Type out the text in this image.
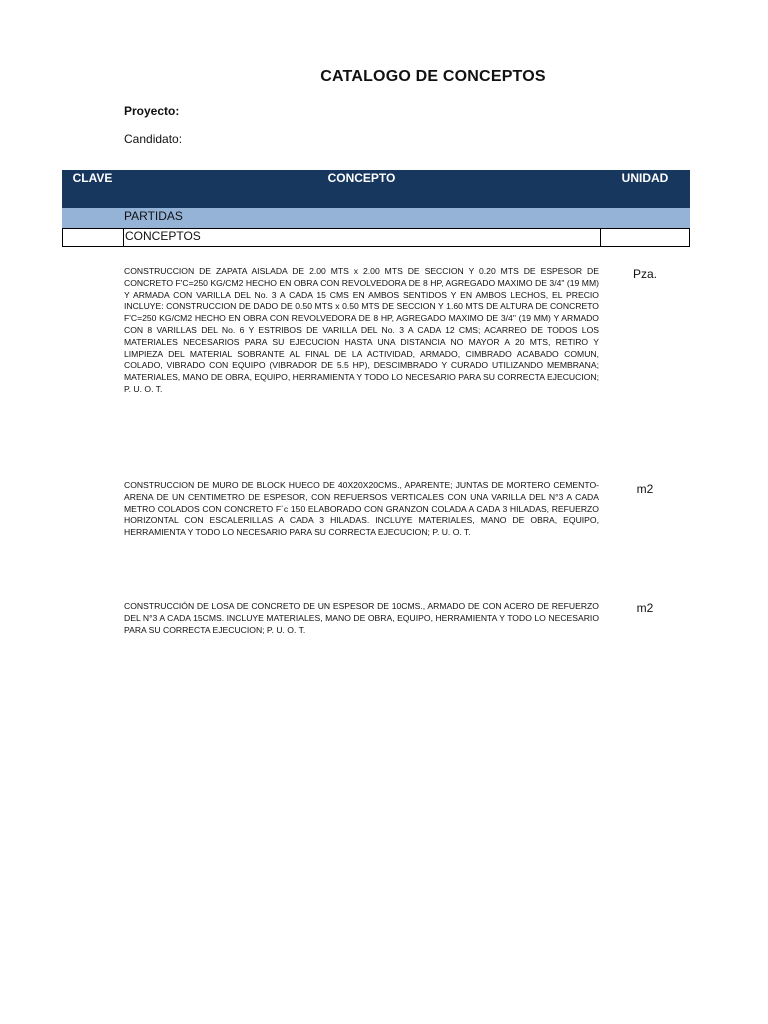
CATALOGO DE CONCEPTOS
Proyecto:
Candidato:
CLAVE	CONCEPTO	UNIDAD
PARTIDAS
CONCEPTOS
CONSTRUCCION DE ZAPATA AISLADA DE 2.00 MTS x 2.00 MTS DE SECCION Y 0.20 MTS DE ESPESOR DE CONCRETO F'C=250 KG/CM2 HECHO EN OBRA CON REVOLVEDORA DE 8 HP, AGREGADO MAXIMO DE 3/4" (19 MM) Y ARMADA CON VARILLA DEL No. 3 A CADA 15 CMS EN AMBOS SENTIDOS Y EN AMBOS LECHOS, EL PRECIO INCLUYE: CONSTRUCCION DE DADO DE 0.50 MTS x 0.50 MTS DE SECCION Y 1.60 MTS DE ALTURA DE CONCRETO F'C=250 KG/CM2 HECHO EN OBRA CON REVOLVEDORA DE 8 HP, AGREGADO MAXIMO DE 3/4" (19 MM) Y ARMADO CON 8 VARILLAS DEL No. 6 Y ESTRIBOS DE VARILLA DEL No. 3 A CADA 12 CMS; ACARREO DE TODOS LOS MATERIALES NECESARIOS PARA SU EJECUCION HASTA UNA DISTANCIA NO MAYOR A 20 MTS, RETIRO Y LIMPIEZA DEL MATERIAL SOBRANTE AL FINAL DE LA ACTIVIDAD, ARMADO, CIMBRADO ACABADO COMUN, COLADO, VIBRADO CON EQUIPO (VIBRADOR DE 5.5 HP), DESCIMBRADO Y CURADO UTILIZANDO MEMBRANA; MATERIALES, MANO DE OBRA, EQUIPO, HERRAMIENTA Y TODO LO NECESARIO PARA SU CORRECTA EJECUCION; P. U. O. T.
Pza.
CONSTRUCCION DE MURO DE BLOCK HUECO DE 40X20X20CMS., APARENTE; JUNTAS DE MORTERO CEMENTO-ARENA DE UN CENTIMETRO DE ESPESOR, CON REFUERSOS VERTICALES CON UNA VARILLA DEL N°3 A CADA METRO COLADOS CON CONCRETO F´c 150 ELABORADO CON GRANZON COLADA A CADA 3 HILADAS, REFUERZO HORIZONTAL CON ESCALERILLAS A CADA 3 HILADAS. INCLUYE MATERIALES, MANO DE OBRA, EQUIPO, HERRAMIENTA Y TODO LO NECESARIO PARA SU CORRECTA EJECUCION; P. U. O. T.
m2
CONSTRUCCIÓN DE LOSA DE CONCRETO DE UN ESPESOR DE 10CMS., ARMADO DE CON ACERO DE REFUERZO DEL N°3 A CADA 15CMS. INCLUYE MATERIALES, MANO DE OBRA, EQUIPO, HERRAMIENTA Y TODO LO NECESARIO PARA SU CORRECTA EJECUCION; P. U. O. T.
m2
